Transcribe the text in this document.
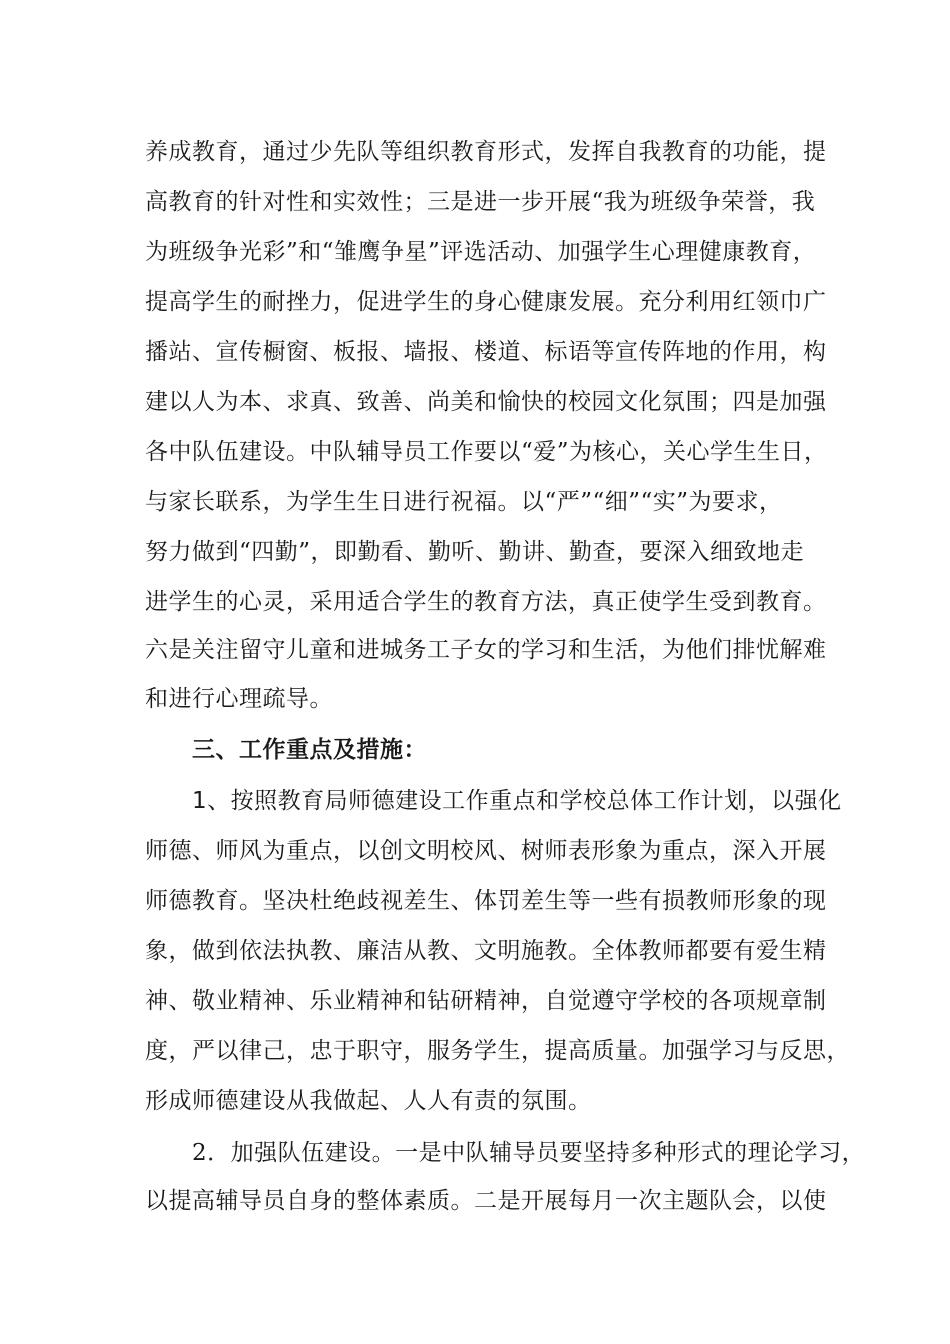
养成教育，通过少先队等组织教育形式，发挥自我教育的功能，提
高教育的针对性和实效性；三是进一步开展“我为班级争荣誉，我
为班级争光彩”和“雏鹰争星”评选活动、加强学生心理健康教育，
提高学生的耐挫力，促进学生的身心健康发展。充分利用红领巾广
播站、宣传橱窗、板报、墙报、楼道、标语等宣传阵地的作用，构
建以人为本、求真、致善、尚美和愉快的校园文化氛围；四是加强
各中队伍建设。中队辅导员工作要以“爱”为核心，关心学生生日，
与家长联系，为学生生日进行祝福。以“严”“细”“实”为要求，
努力做到“四勤”，即勤看、勤听、勤讲、勤查，要深入细致地走
进学生的心灵，采用适合学生的教育方法，真正使学生受到教育。
六是关注留守儿童和进城务工子女的学习和生活，为他们排忧解难
和进行心理疏导。
三、工作重点及措施：
1、按照教育局师德建设工作重点和学校总体工作计划，以强化
师德、师风为重点，以创文明校风、树师表形象为重点，深入开展
师德教育。坚决杜绝歧视差生、体罚差生等一些有损教师形象的现
象，做到依法执教、廉洁从教、文明施教。全体教师都要有爱生精
神、敬业精神、乐业精神和钻研精神，自觉遵守学校的各项规章制
度，严以律己，忠于职守，服务学生，提高质量。加强学习与反思，
形成师德建设从我做起、人人有责的氛围。
2．加强队伍建设。一是中队辅导员要坚持多种形式的理论学习，
以提高辅导员自身的整体素质。二是开展每月一次主题队会，以使
